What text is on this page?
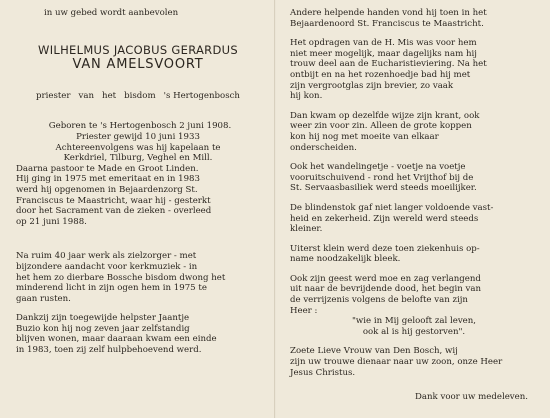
in uw gebed wordt aanbevolen
WILHELMUS JACOBUS GERARDUS
VAN AMELSVOORT
priester van het bisdom 's Hertogenbosch
Geboren te 's Hertogenbosch 2 juni 1908.
Priester gewijd 10 juni 1933
Achtereenvolgens was hij kapelaan te
Kerkdriel, Tilburg, Veghel en Mill.
Daarna pastoor te Made en Groot Linden.
Hij ging in 1975 met emeritaat en in 1983
werd hij opgenomen in Bejaardenzorg St.
Franciscus te Maastricht, waar hij - gesterkt
door het Sacrament van de zieken - overleed
op 21 juni 1988.
Na ruim 40 jaar werk als zielzorger - met
bijzondere aandacht voor kerkmuziek - in
het hem zo dierbare Bossche bisdom dwong het
minderend licht in zijn ogen hem in 1975 te
gaan rusten.
Dankzij zijn toegewijde helpster Jaantje
Buzio kon hij nog zeven jaar zelfstandig
blijven wonen, maar daaraan kwam een einde
in 1983, toen zij zelf hulpbehoevend werd.
Andere helpende handen vond hij toen in het
Bejaardenoord St. Franciscus te Maastricht.
Het opdragen van de H. Mis was voor hem
niet meer mogelijk, maar dagelijks nam hij
trouw deel aan de Eucharistieviering. Na het
ontbijt en na het rozenhoedje bad hij met
zijn vergrootglas zijn brevier, zo vaak
hij kon.
Dan kwam op dezelfde wijze zijn krant, ook
weer zin voor zin. Alleen de grote koppen
kon hij nog met moeite van elkaar
onderscheiden.
Ook het wandelingetje - voetje na voetje
vooruitschuivend - rond het Vrijthof bij de
St. Servaasbasiliek werd steeds moeilijker.
De blindenstok gaf niet langer voldoende vast-
heid en zekerheid. Zijn wereld werd steeds
kleiner.
Uiterst klein werd deze toen ziekenhuis op-
name noodzakelijk bleek.
Ook zijn geest werd moe en zag verlangend
uit naar de bevrijdende dood, het begin van
de verrijzenis volgens de belofte van zijn
Heer :
"wie in Mij gelooft zal leven,
ook al is hij gestorven".
Zoete Lieve Vrouw van Den Bosch, wij
zijn uw trouwe dienaar naar uw zoon, onze Heer
Jesus Christus.
Dank voor uw medeleven.
